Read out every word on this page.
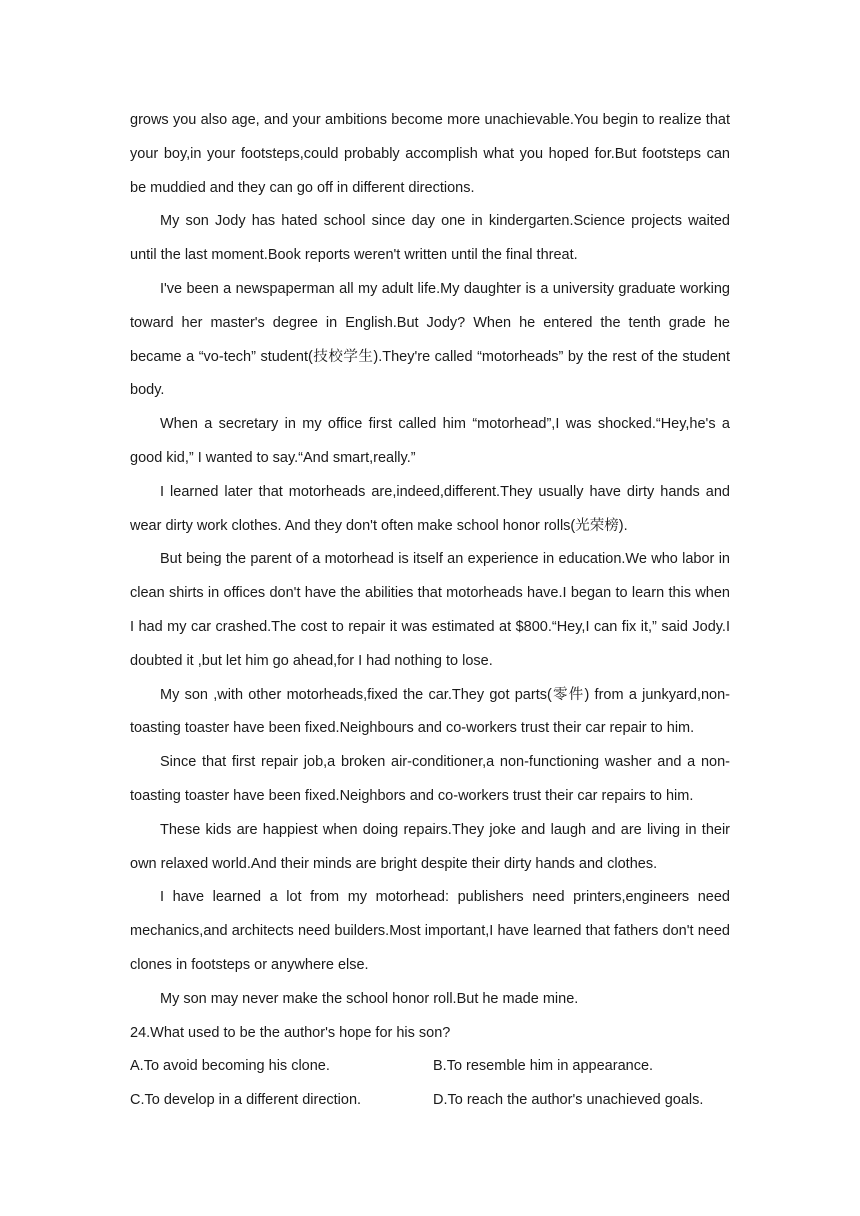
grows you also age, and your ambitions become more unachievable.You begin to realize that your boy,in your footsteps,could probably accomplish what you hoped for.But footsteps can be muddied and they can go off in different directions.

My son Jody has hated school since day one in kindergarten.Science projects waited until the last moment.Book reports weren't written until the final threat.

I've been a newspaperman all my adult life.My daughter is a university graduate working toward her master's degree in English.But Jody? When he entered the tenth grade he became a “vo-tech” student(技校学生).They're called “motorheads” by the rest of the student body.

When a secretary in my office first called him “motorhead”,I was shocked.“Hey,he's a good kid,” I wanted to say.“And smart,really.”

I learned later that motorheads are,indeed,different.They usually have dirty hands and wear dirty work clothes. And they don't often make school honor rolls(光荣榜).

But being the parent of a motorhead is itself an experience in education.We who labor in clean shirts in offices don't have the abilities that motorheads have.I began to learn this when I had my car crashed.The cost to repair it was estimated at $800.“Hey,I can fix it,” said Jody.I doubted it ,but let him go ahead,for I had nothing to lose.

My son ,with other motorheads,fixed the car.They got parts(零件) from a junkyard,non-toasting toaster have been fixed.Neighbours and co-workers trust their car repair to him.

Since that first repair job,a broken air-conditioner,a non-functioning washer and a non-toasting toaster have been fixed.Neighbors and co-workers trust their car repairs to him.

These kids are happiest when doing repairs.They joke and laugh and are living in their own relaxed world.And their minds are bright despite their dirty hands and clothes.

I have learned a lot from my motorhead: publishers need printers,engineers need mechanics,and architects need builders.Most important,I have learned that fathers don't need clones in footsteps or anywhere else.

My son may never make the school honor roll.But he made mine.

24.What used to be the author's hope for his son?

A.To avoid becoming his clone.	B.To resemble him in appearance.
C.To develop in a different direction.	D.To reach the author's unachieved goals.
